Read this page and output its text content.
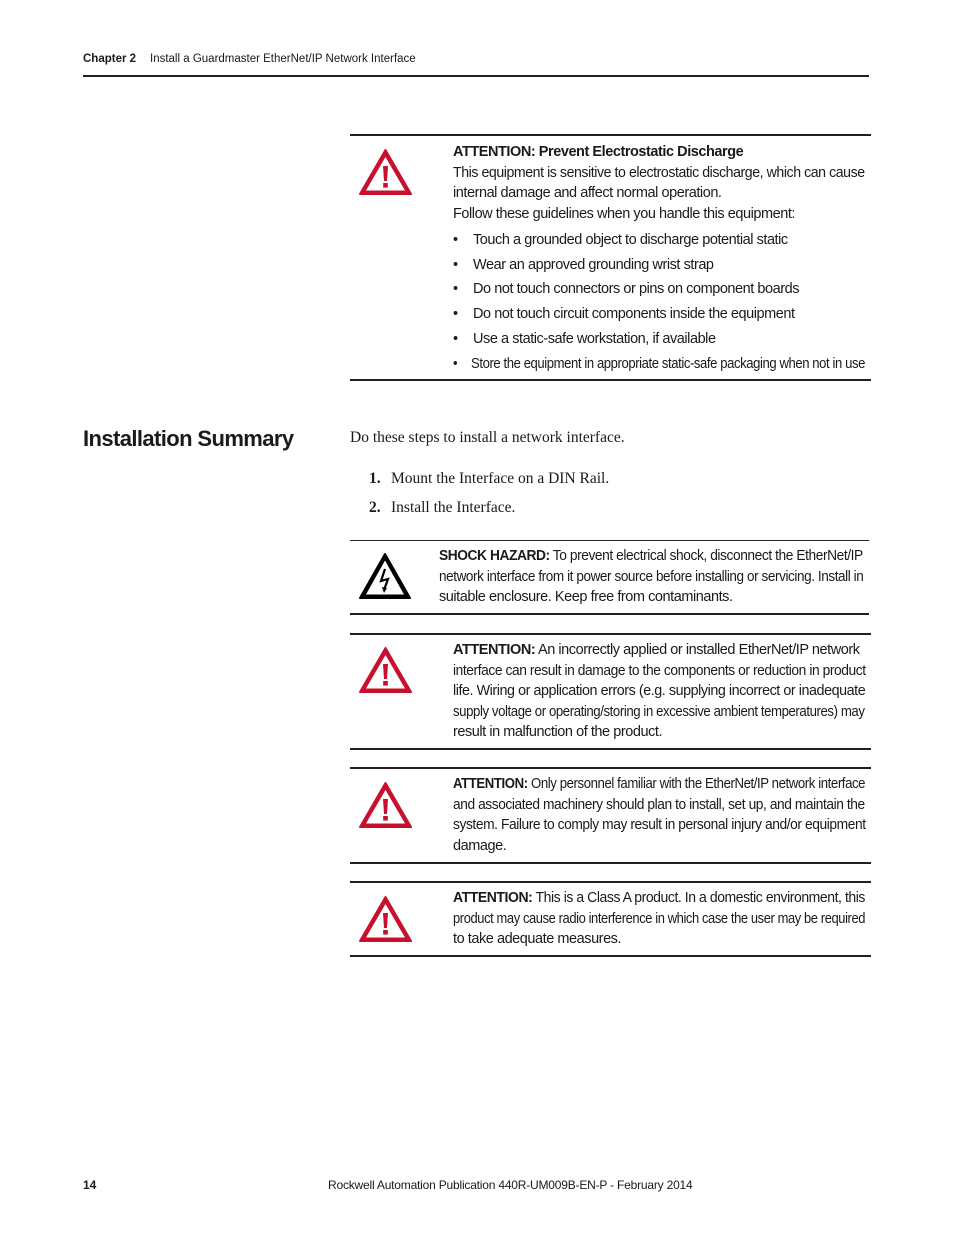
Chapter 2 Install a Guardmaster EtherNet/IP Network Interface
ATTENTION: Prevent Electrostatic Discharge
This equipment is sensitive to electrostatic discharge, which can cause
internal damage and affect normal operation.
Follow these guidelines when you handle this equipment:
• Touch a grounded object to discharge potential static
• Wear an approved grounding wrist strap
• Do not touch connectors or pins on component boards
• Do not touch circuit components inside the equipment
• Use a static-safe workstation, if available
• Store the equipment in appropriate static-safe packaging when not in use
Installation Summary	Do these steps to install a network interface.
1. Mount the Interface on a DIN Rail.
2. Install the Interface.
SHOCK HAZARD: To prevent electrical shock, disconnect the EtherNet/IP
network interface from it power source before installing or servicing. Install in
suitable enclosure. Keep free from contaminants.
ATTENTION: An incorrectly applied or installed EtherNet/IP network
interface can result in damage to the components or reduction in product
life. Wiring or application errors (e.g. supplying incorrect or inadequate
supply voltage or operating/storing in excessive ambient temperatures) may
result in malfunction of the product.
ATTENTION: Only personnel familiar with the EtherNet/IP network interface
and associated machinery should plan to install, set up, and maintain the
system. Failure to comply may result in personal injury and/or equipment
damage.
ATTENTION: This is a Class A product. In a domestic environment, this
product may cause radio interference in which case the user may be required
to take adequate measures.
14	Rockwell Automation Publication 440R-UM009B-EN-P - February 2014
